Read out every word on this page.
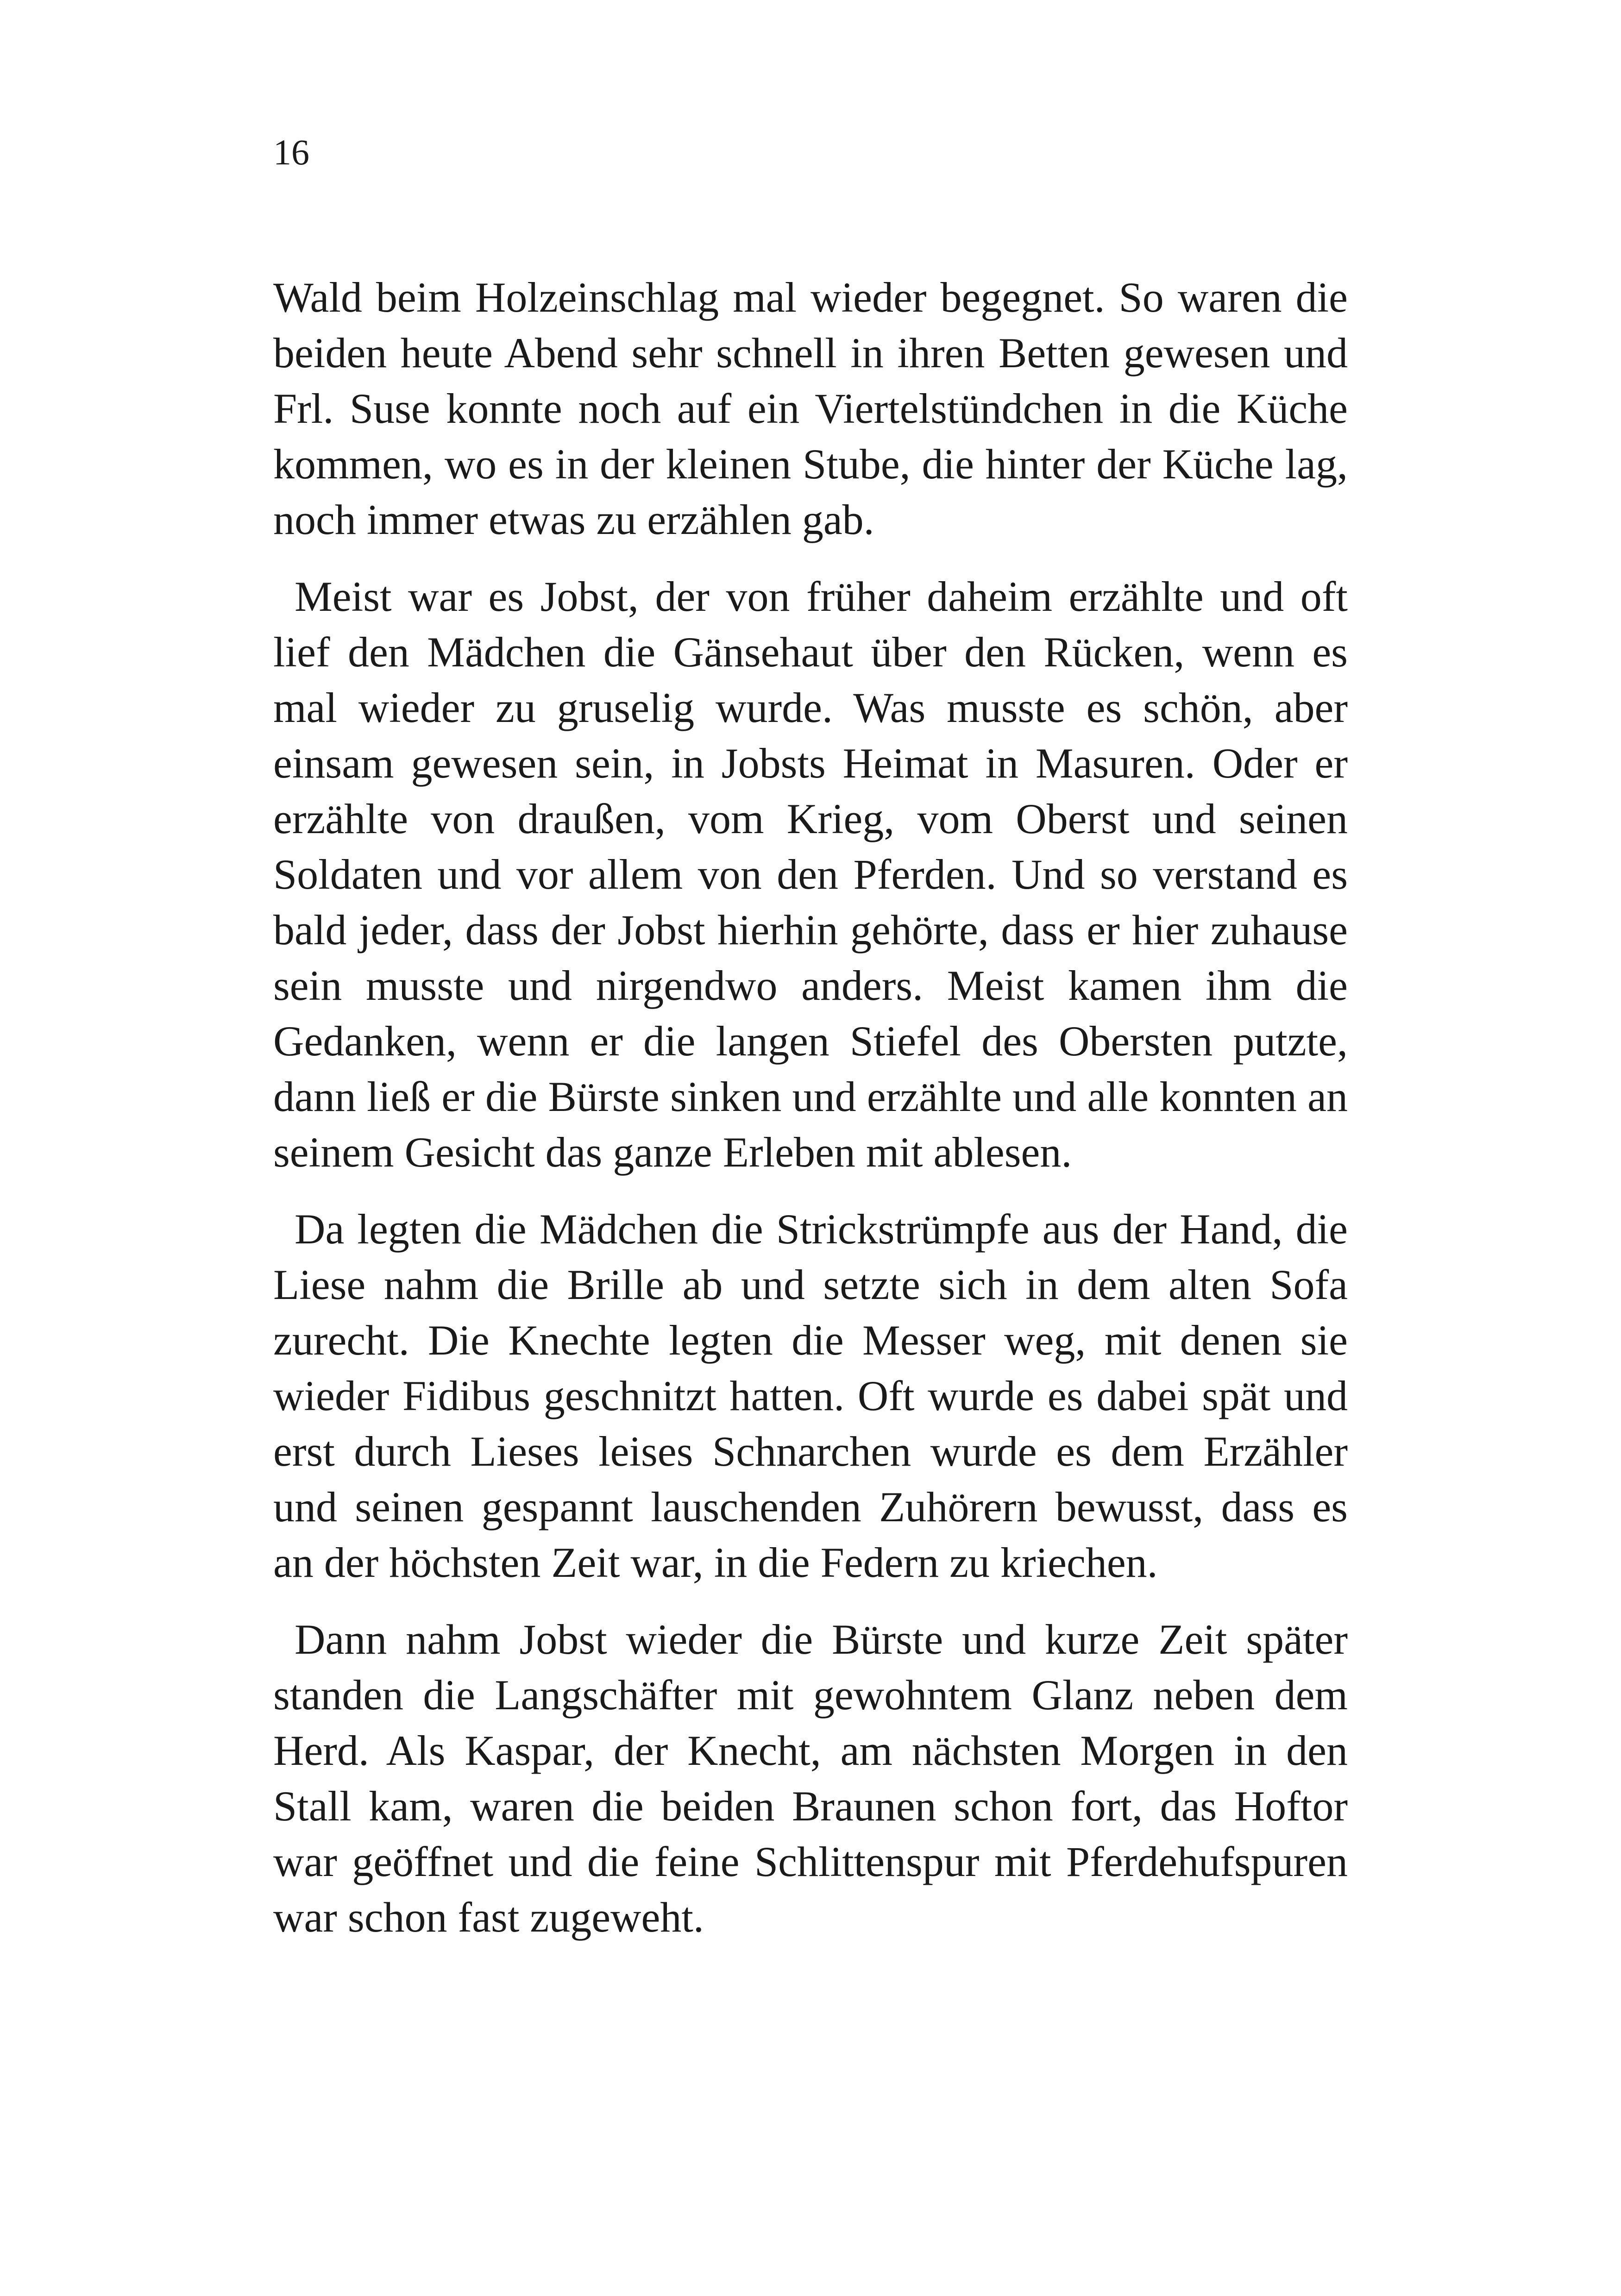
16

Wald beim Holzeinschlag mal wieder begegnet. So waren die beiden heute Abend sehr schnell in ihren Betten gewesen und Frl. Suse konnte noch auf ein Viertelstündchen in die Küche kommen, wo es in der kleinen Stube, die hinter der Küche lag, noch immer etwas zu erzählen gab.

Meist war es Jobst, der von früher daheim erzählte und oft lief den Mädchen die Gänsehaut über den Rücken, wenn es mal wieder zu gruselig wurde. Was musste es schön, aber einsam gewesen sein, in Jobsts Heimat in Masuren. Oder er erzählte von draußen, vom Krieg, vom Oberst und seinen Soldaten und vor allem von den Pferden. Und so verstand es bald jeder, dass der Jobst hierhin gehörte, dass er hier zuhause sein musste und nirgendwo anders. Meist kamen ihm die Gedanken, wenn er die langen Stiefel des Obersten putzte, dann ließ er die Bürste sinken und erzählte und alle konnten an seinem Gesicht das ganze Erleben mit ablesen.

Da legten die Mädchen die Strickstrümpfe aus der Hand, die Liese nahm die Brille ab und setzte sich in dem alten Sofa zurecht. Die Knechte legten die Messer weg, mit denen sie wieder Fidibus geschnitzt hatten. Oft wurde es dabei spät und erst durch Lieses leises Schnarchen wurde es dem Erzähler und seinen gespannt lauschenden Zuhörern bewusst, dass es an der höchsten Zeit war, in die Federn zu kriechen.

Dann nahm Jobst wieder die Bürste und kurze Zeit später standen die Langschäfter mit gewohntem Glanz neben dem Herd. Als Kaspar, der Knecht, am nächsten Morgen in den Stall kam, waren die beiden Braunen schon fort, das Hoftor war geöffnet und die feine Schlittenspur mit Pferdehufspuren war schon fast zugeweht.
